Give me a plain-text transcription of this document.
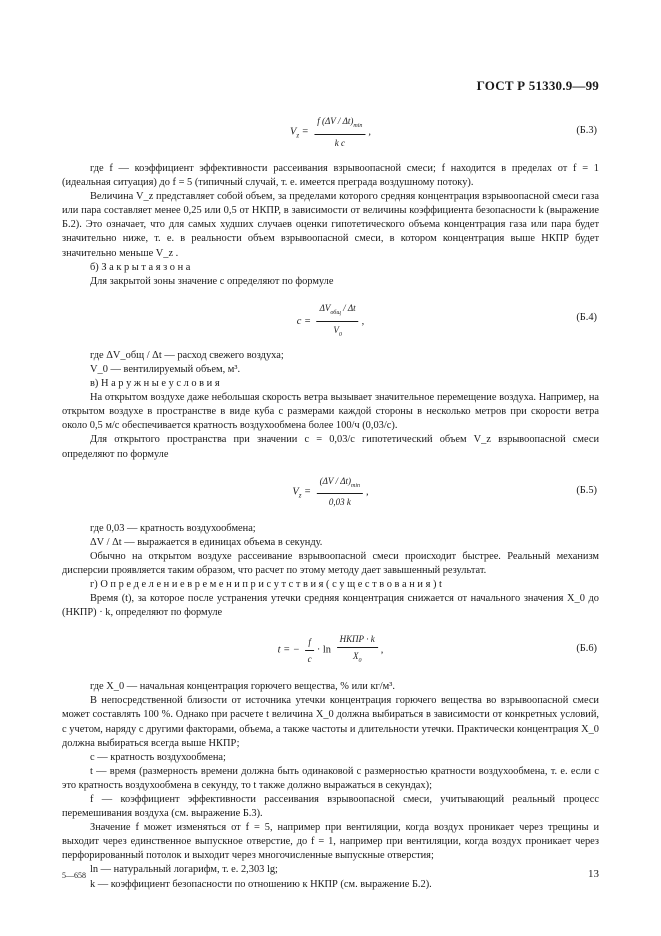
ГОСТ Р 51330.9—99
$V_z = \frac{f (\Delta V / \Delta t)_{min}}{\text{k c}}$ ,	(Б.3)

где f — коэффициент эффективности рассеивания взрывоопасной смеси; f находится в пределах от f = 1 (идеальная ситуация) до f = 5 (типичный случай, т. е. имеется преграда воздушному потоку).

Величина V_z представляет собой объем, за пределами которого средняя концентрация взрывоопасной смеси газа или пара составляет менее 0,25 или 0,5 от НКПР, в зависимости от величины коэффициента безопасности k (выражение Б.2). Это означает, что для самых худших случаев оценки гипотетического объема концентрация газа или пара будет значительно ниже, т. е. в реальности объем взрывоопасной смеси, в котором концентрация выше НКПР будет значительно меньше V_z .

б) З а к р ы т а я з о н а

Для закрытой зоны значение c определяют по формуле

$c = \frac{\Delta V_{общ} / \Delta t}{V_0}$ ,	(Б.4)

где ΔV_общ / Δt — расход свежего воздуха;

V_0 — вентилируемый объем, м³.

в) Н а р у ж н ы е у с л о в и я

На открытом воздухе даже небольшая скорость ветра вызывает значительное перемещение воздуха. Например, на открытом воздухе в пространстве в виде куба с размерами каждой стороны в несколько метров при скорости ветра около 0,5 м/с обеспечивается кратность воздухообмена более 100/ч (0,03/с).

Для открытого пространства при значении c = 0,03/с гипотетический объем V_z взрывоопасной смеси определяют по формуле

$V_z = \frac{(\Delta V / \Delta t)_{min}}{0,03 k}$ ,	(Б.5)

где 0,03 — кратность воздухообмена;

ΔV / Δt — выражается в единицах объема в секунду.

Обычно на открытом воздухе рассеивание взрывоопасной смеси происходит быстрее. Реальный механизм дисперсии проявляется таким образом, что расчет по этому методу дает завышенный результат.

г) О п р е д е л е н и е в р е м е н и п р и с у т с т в и я ( с у щ е с т в о в а н и я ) t

Время (t), за которое после устранения утечки средняя концентрация снижается от начального значения X_0 до (НКПР) · k, определяют по формуле

t = − $\frac{f}{c} \cdot \ln \frac{\text{НКПР · k}}{X_0}$ ,	(Б.6)

где X_0 — начальная концентрация горючего вещества, % или кг/м³.

В непосредственной близости от источника утечки концентрация горючего вещества во взрывоопасной смеси может составлять 100 %. Однако при расчете t величина X_0 должна выбираться в зависимости от конкретных условий, с учетом, наряду с другими факторами, объема, а также частоты и длительности утечки. Практически концентрация X_0 должна выбираться всегда выше НКПР;

c — кратность воздухообмена;

t — время (размерность времени должна быть одинаковой с размерностью кратности воздухообмена, т. е. если c это кратность воздухообмена в секунду, то t также должно выражаться в секундах);

f — коэффициент эффективности рассеивания взрывоопасной смеси, учитывающий реальный процесс перемешивания воздуха (см. выражение Б.3).

Значение f может изменяться от f = 5, например при вентиляции, когда воздух проникает через трещины и выходит через единственное выпускное отверстие, до f = 1, например при вентиляции, когда воздух проникает через перфорированный потолок и выходит через многочисленные выпускные отверстия;

ln — натуральный логарифм, т. е. 2,303 lg;

k — коэффициент безопасности по отношению к НКПР (см. выражение Б.2).

5—658	13
